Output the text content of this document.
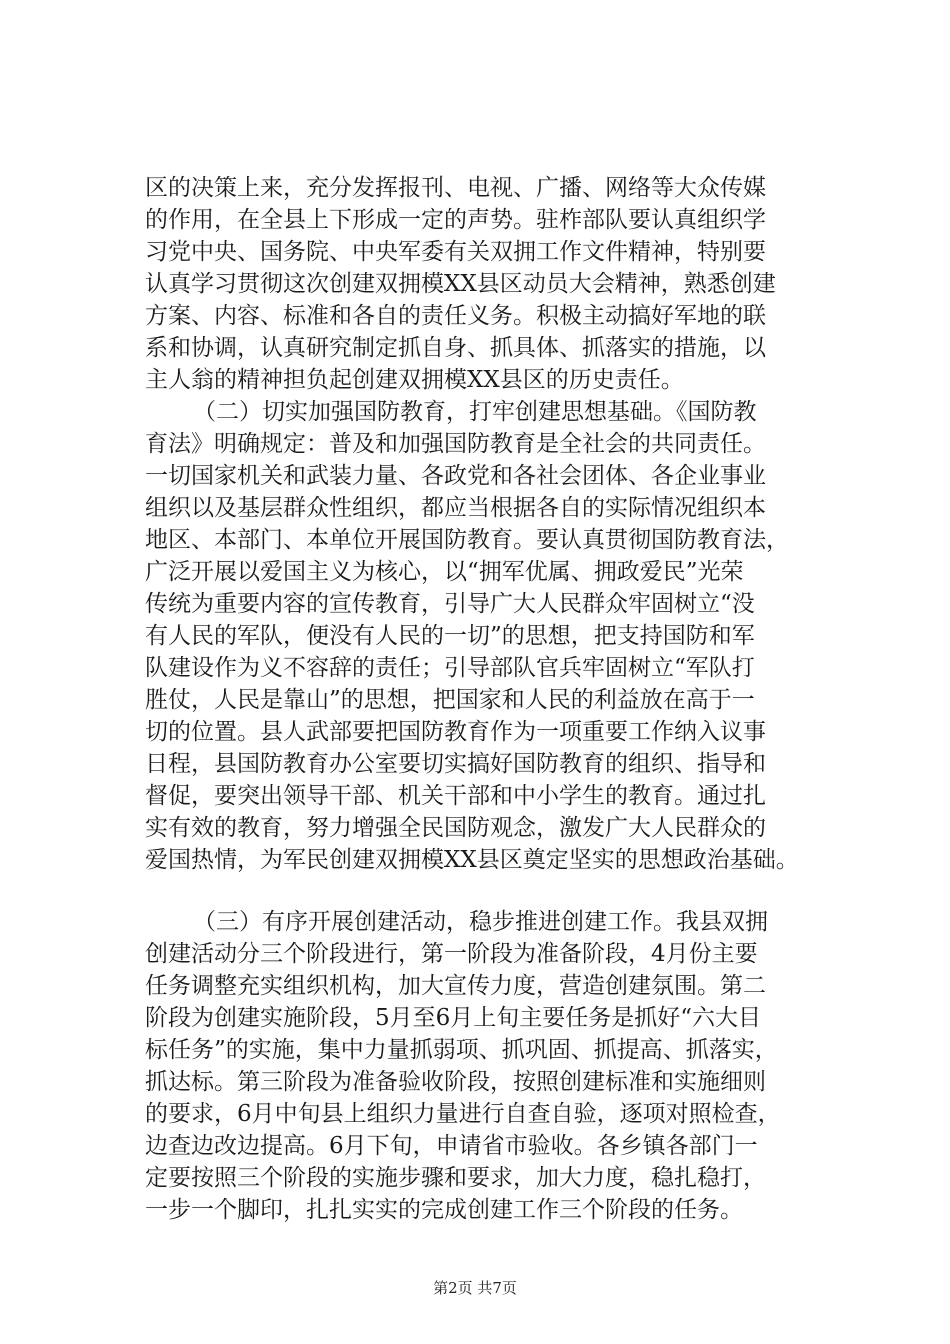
区的决策上来，充分发挥报刊、电视、广播、网络等大众传媒
的作用，在全县上下形成一定的声势。驻柞部队要认真组织学
习党中央、国务院、中央军委有关双拥工作文件精神，特别要
认真学习贯彻这次创建双拥模XX县区动员大会精神，熟悉创建
方案、内容、标准和各自的责任义务。积极主动搞好军地的联
系和协调，认真研究制定抓自身、抓具体、抓落实的措施，以
主人翁的精神担负起创建双拥模XX县区的历史责任。
（二）切实加强国防教育，打牢创建思想基础。《国防教
育法》明确规定：普及和加强国防教育是全社会的共同责任。
一切国家机关和武装力量、各政党和各社会团体、各企业事业
组织以及基层群众性组织，都应当根据各自的实际情况组织本
地区、本部门、本单位开展国防教育。要认真贯彻国防教育法，
广泛开展以爱国主义为核心，以“拥军优属、拥政爱民”光荣
传统为重要内容的宣传教育，引导广大人民群众牢固树立“没
有人民的军队，便没有人民的一切”的思想，把支持国防和军
队建设作为义不容辞的责任；引导部队官兵牢固树立“军队打
胜仗，人民是靠山”的思想，把国家和人民的利益放在高于一
切的位置。县人武部要把国防教育作为一项重要工作纳入议事
日程，县国防教育办公室要切实搞好国防教育的组织、指导和
督促，要突出领导干部、机关干部和中小学生的教育。通过扎
实有效的教育，努力增强全民国防观念，激发广大人民群众的
爱国热情，为军民创建双拥模XX县区奠定坚实的思想政治基础。
（三）有序开展创建活动，稳步推进创建工作。我县双拥
创建活动分三个阶段进行，第一阶段为准备阶段，4月份主要
任务调整充实组织机构，加大宣传力度，营造创建氛围。第二
阶段为创建实施阶段，5月至6月上旬主要任务是抓好“六大目
标任务”的实施，集中力量抓弱项、抓巩固、抓提高、抓落实，
抓达标。第三阶段为准备验收阶段，按照创建标准和实施细则
的要求，6月中旬县上组织力量进行自查自验，逐项对照检查，
边查边改边提高。6月下旬，申请省市验收。各乡镇各部门一
定要按照三个阶段的实施步骤和要求，加大力度，稳扎稳打，
一步一个脚印，扎扎实实的完成创建工作三个阶段的任务。
第2页 共7页
